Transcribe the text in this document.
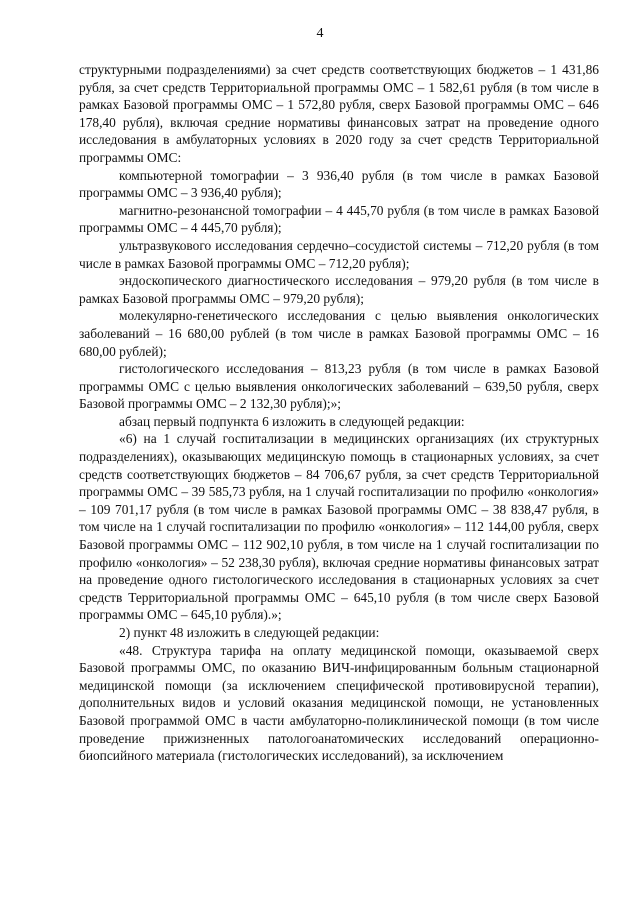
4

структурными подразделениями) за счет средств соответствующих бюджетов – 1 431,86 рубля, за счет средств Территориальной программы ОМС – 1 582,61 рубля (в том числе в рамках Базовой программы ОМС – 1 572,80 рубля, сверх Базовой программы ОМС – 646 178,40 рубля), включая средние нормативы финансовых затрат на проведение одного исследования в амбулаторных условиях в 2020 году за счет средств Территориальной программы ОМС:

компьютерной томографии – 3 936,40 рубля (в том числе в рамках Базовой программы ОМС – 3 936,40 рубля);

магнитно-резонансной томографии – 4 445,70 рубля (в том числе в рамках Базовой программы ОМС – 4 445,70 рубля);

ультразвукового исследования сердечно–сосудистой системы – 712,20 рубля (в том числе в рамках Базовой программы ОМС – 712,20 рубля);

эндоскопического диагностического исследования – 979,20 рубля (в том числе в рамках Базовой программы ОМС – 979,20 рубля);

молекулярно-генетического исследования с целью выявления онкологических заболеваний – 16 680,00 рублей (в том числе в рамках Базовой программы ОМС – 16 680,00 рублей);

гистологического исследования – 813,23 рубля (в том числе в рамках Базовой программы ОМС с целью выявления онкологических заболеваний – 639,50 рубля, сверх Базовой программы ОМС – 2 132,30 рубля);»;

абзац первый подпункта 6 изложить в следующей редакции:

«6) на 1 случай госпитализации в медицинских организациях (их структурных подразделениях), оказывающих медицинскую помощь в стационарных условиях, за счет средств соответствующих бюджетов – 84 706,67 рубля, за счет средств Территориальной программы ОМС – 39 585,73 рубля, на 1 случай госпитализации по профилю «онкология» – 109 701,17 рубля (в том числе в рамках Базовой программы ОМС – 38 838,47 рубля, в том числе на 1 случай госпитализации по профилю «онкология» – 112 144,00 рубля, сверх Базовой программы ОМС – 112 902,10 рубля, в том числе на 1 случай госпитализации по профилю «онкология» – 52 238,30 рубля), включая средние нормативы финансовых затрат на проведение одного гистологического исследования в стационарных условиях за счет средств Территориальной программы ОМС – 645,10 рубля (в том числе сверх Базовой программы ОМС – 645,10 рубля).»;

2) пункт 48 изложить в следующей редакции:

«48. Структура тарифа на оплату медицинской помощи, оказываемой сверх Базовой программы ОМС, по оказанию ВИЧ-инфицированным больным стационарной медицинской помощи (за исключением специфической противовирусной терапии), дополнительных видов и условий оказания медицинской помощи, не установленных Базовой программой ОМС в части амбулаторно-поликлинической помощи (в том числе проведение прижизненных патологоанатомических исследований операционно-биопсийного материала (гистологических исследований), за исключением
